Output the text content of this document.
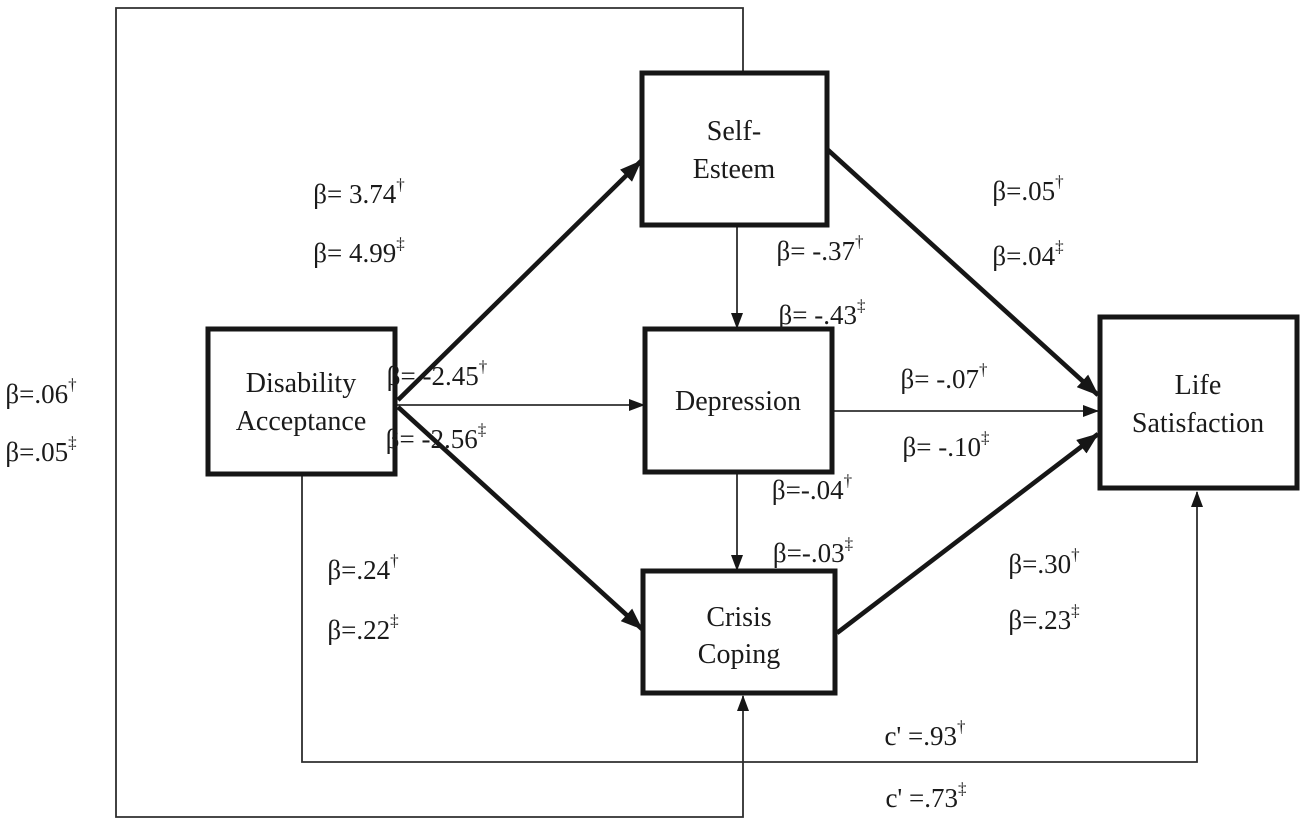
Disability
Acceptance
Self-
Esteem
Depression
Crisis
Coping
Life
Satisfaction
β= 3.74†
β= 4.99‡
β= -2.45†
β= -2.56‡
β=.24†
β=.22‡
β= -.37†
β= -.43‡
β=-.04†
β=-.03‡
β=.05†
β=.04‡
β= -.07†
β= -.10‡
β=.30†
β=.23‡
β=.06†
β=.05‡
c' =.93†
c' =.73‡
